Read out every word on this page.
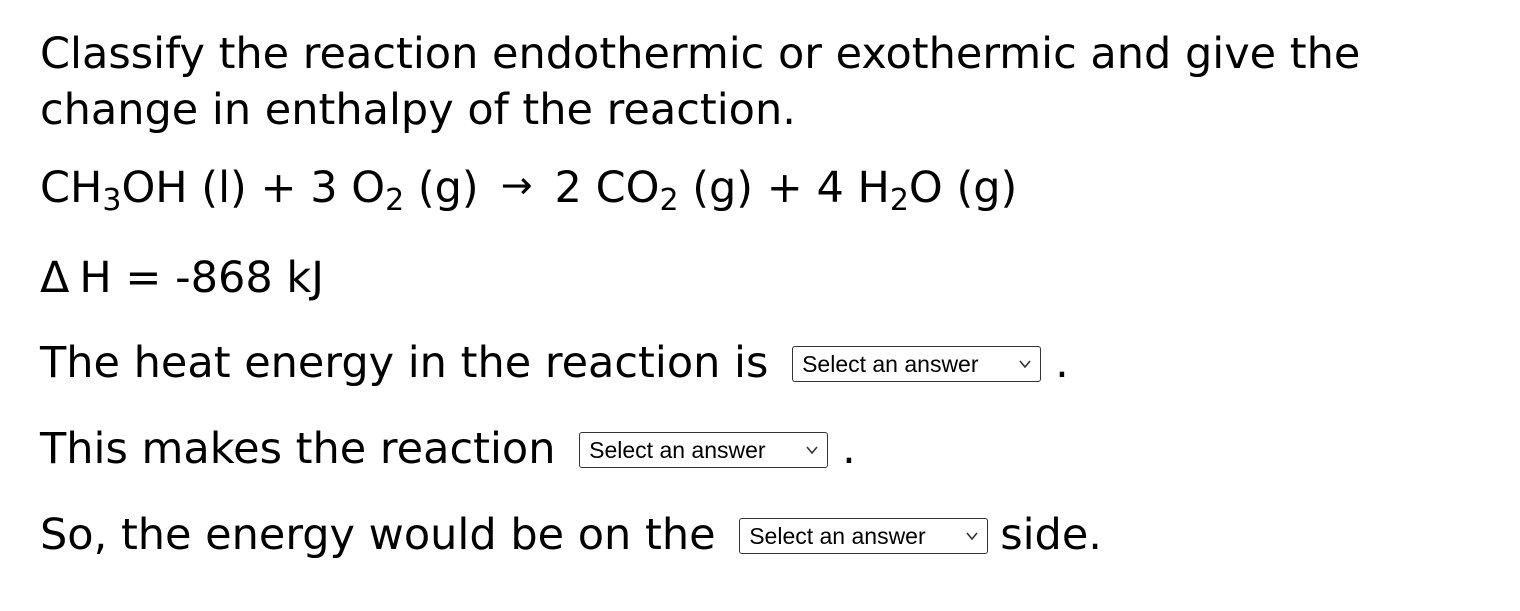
Classify the reaction endothermic or exothermic and give the
change in enthalpy of the reaction.
$CH_3OH$ (l) + 3 $O_2$ (g) → 2 $CO_2$ (g) + 4 $H_2O$ (g)
Δ H = -868 kJ
The heat energy in the reaction is Select an answer .
This makes the reaction Select an answer .
So, the energy would be on the Select an answer side.
